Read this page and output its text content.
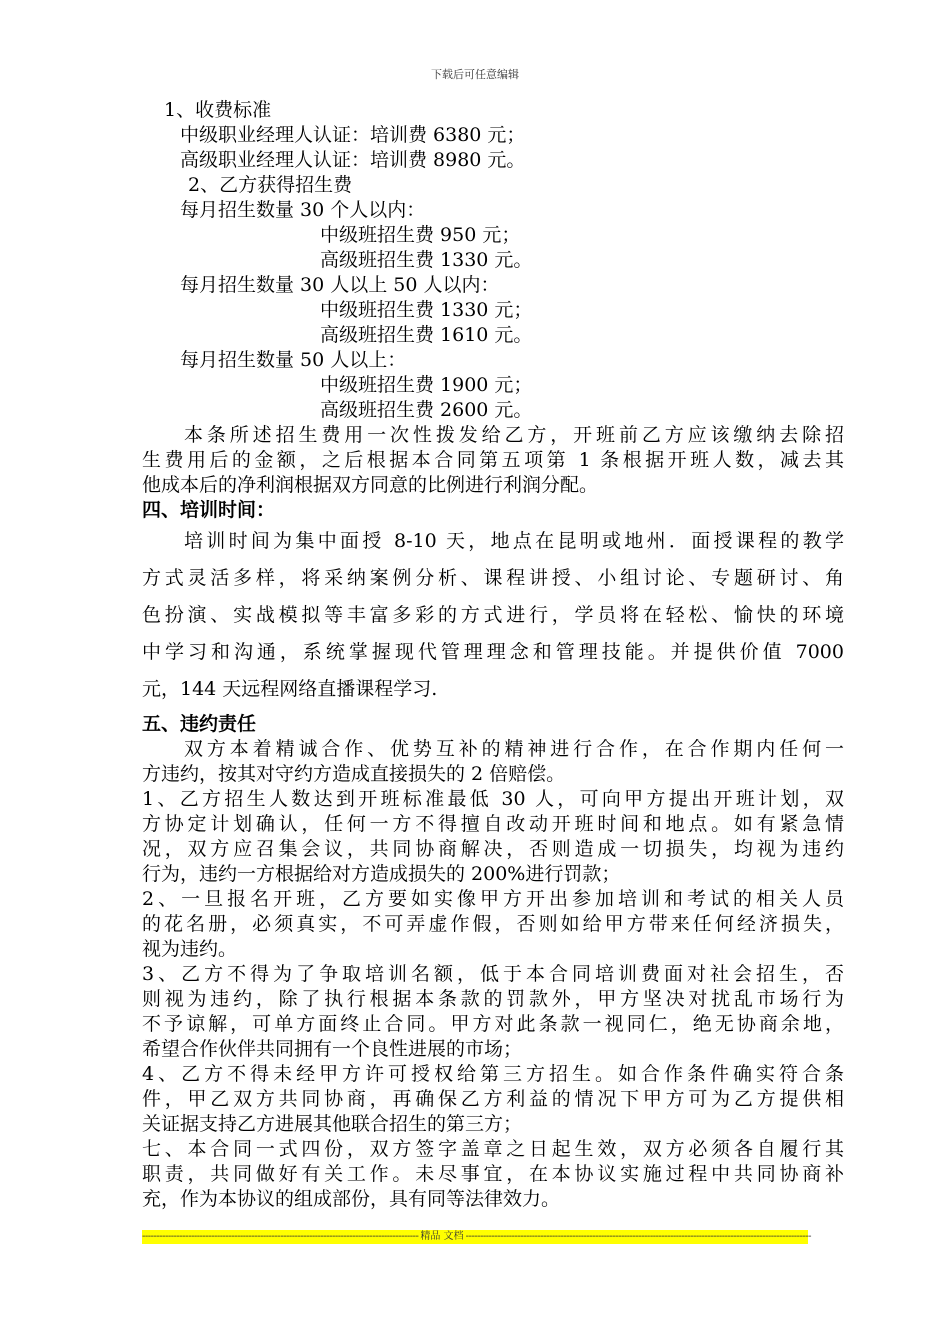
下载后可任意编辑
1、收费标准
中级职业经理人认证：培训费 6380 元；
高级职业经理人认证：培训费 8980 元。
2、乙方获得招生费
每月招生数量 30 个人以内：
中级班招生费 950 元；
高级班招生费 1330 元。
每月招生数量 30 人以上 50 人以内：
中级班招生费 1330 元；
高级班招生费 1610 元。
每月招生数量 50 人以上：
中级班招生费 1900 元；
高级班招生费 2600 元。
本条所述招生费用一次性拨发给乙方，开班前乙方应该缴纳去除招
生费用后的金额，之后根据本合同第五项第 1 条根据开班人数，减去其
他成本后的净利润根据双方同意的比例进行利润分配。
四、培训时间：
培训时间为集中面授 8-10 天，地点在昆明或地州．面授课程的教学
方式灵活多样，将采纳案例分析、课程讲授、小组讨论、专题研讨、角
色扮演、实战模拟等丰富多彩的方式进行，学员将在轻松、愉快的环境
中学习和沟通，系统掌握现代管理理念和管理技能。并提供价值 7000
元，144 天远程网络直播课程学习.
五、违约责任
双方本着精诚合作、优势互补的精神进行合作，在合作期内任何一
方违约，按其对守约方造成直接损失的 2 倍赔偿。
1、乙方招生人数达到开班标准最低 30 人，可向甲方提出开班计划，双
方协定计划确认，任何一方不得擅自改动开班时间和地点。如有紧急情
况，双方应召集会议，共同协商解决，否则造成一切损失，均视为违约
行为，违约一方根据给对方造成损失的 200%进行罚款；
2、一旦报名开班，乙方要如实像甲方开出参加培训和考试的相关人员
的花名册，必须真实，不可弄虚作假，否则如给甲方带来任何经济损失，
视为违约。
3、乙方不得为了争取培训名额，低于本合同培训费面对社会招生，否
则视为违约，除了执行根据本条款的罚款外，甲方坚决对扰乱市场行为
不予谅解，可单方面终止合同。甲方对此条款一视同仁，绝无协商余地，
希望合作伙伴共同拥有一个良性进展的市场；
4、乙方不得未经甲方许可授权给第三方招生。如合作条件确实符合条
件，甲乙双方共同协商，再确保乙方利益的情况下甲方可为乙方提供相
关证据支持乙方进展其他联合招生的第三方；
七、本合同一式四份，双方签字盖章之日起生效，双方必须各自履行其
职责，共同做好有关工作。未尽事宜，在本协议实施过程中共同协商补
充，作为本协议的组成部份，具有同等法律效力。
------------------------------------------------------------------------------------------------ 精品 文档 ------------------------------------------------------------------------------------------------------------------------
